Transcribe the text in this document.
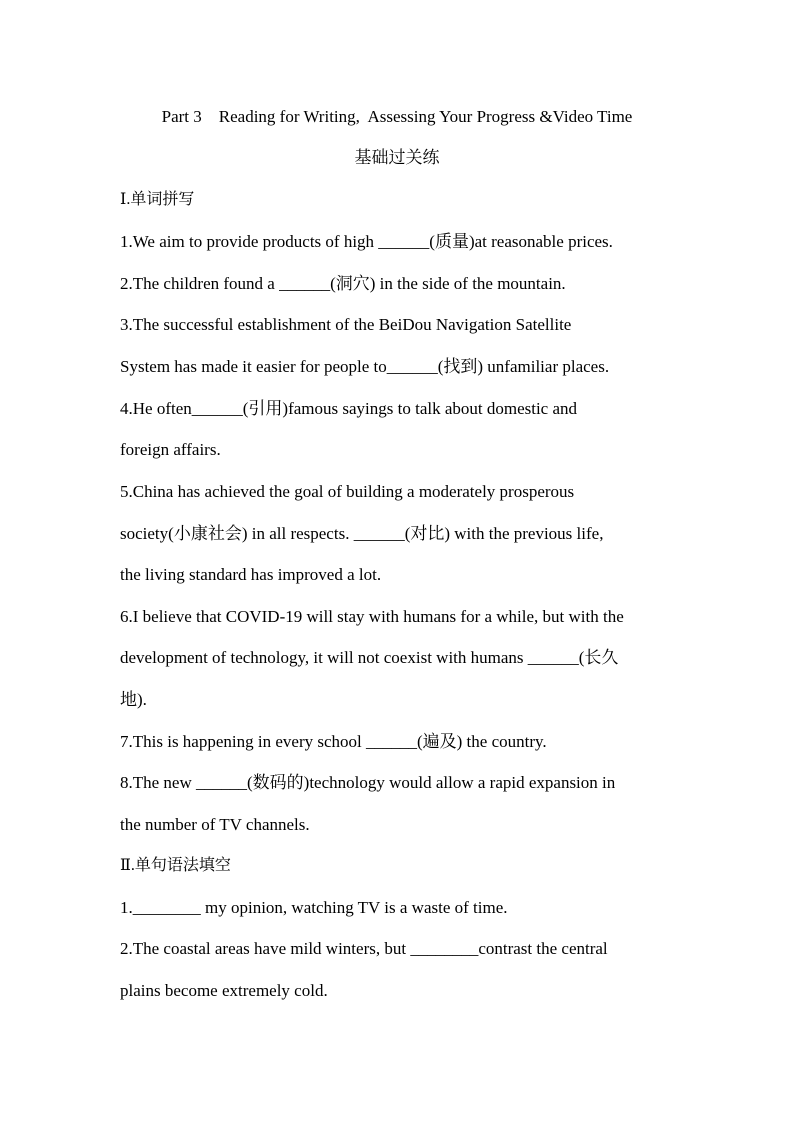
Part 3    Reading for Writing,  Assessing Your Progress &Video Time
基础过关练
Ⅰ.单词拼写
1.We aim to provide products of high ______(质量)at reasonable prices.
2.The children found a ______(洞穴) in the side of the mountain.
3.The successful establishment of the BeiDou Navigation Satellite
System has made it easier for people to______(找到) unfamiliar places.
4.He often______(引用)famous sayings to talk about domestic and
foreign affairs.
5.China has achieved the goal of building a moderately prosperous
society(小康社会) in all respects. ______(对比) with the previous life,
the living standard has improved a lot.
6.I believe that COVID-19 will stay with humans for a while, but with the
development of technology, it will not coexist with humans ______(长久
地).
7.This is happening in every school ______(遍及) the country.
8.The new ______(数码的)technology would allow a rapid expansion in
the number of TV channels.
Ⅱ.单句语法填空
1.________ my opinion, watching TV is a waste of time.
2.The coastal areas have mild winters, but ________contrast the central
plains become extremely cold.
